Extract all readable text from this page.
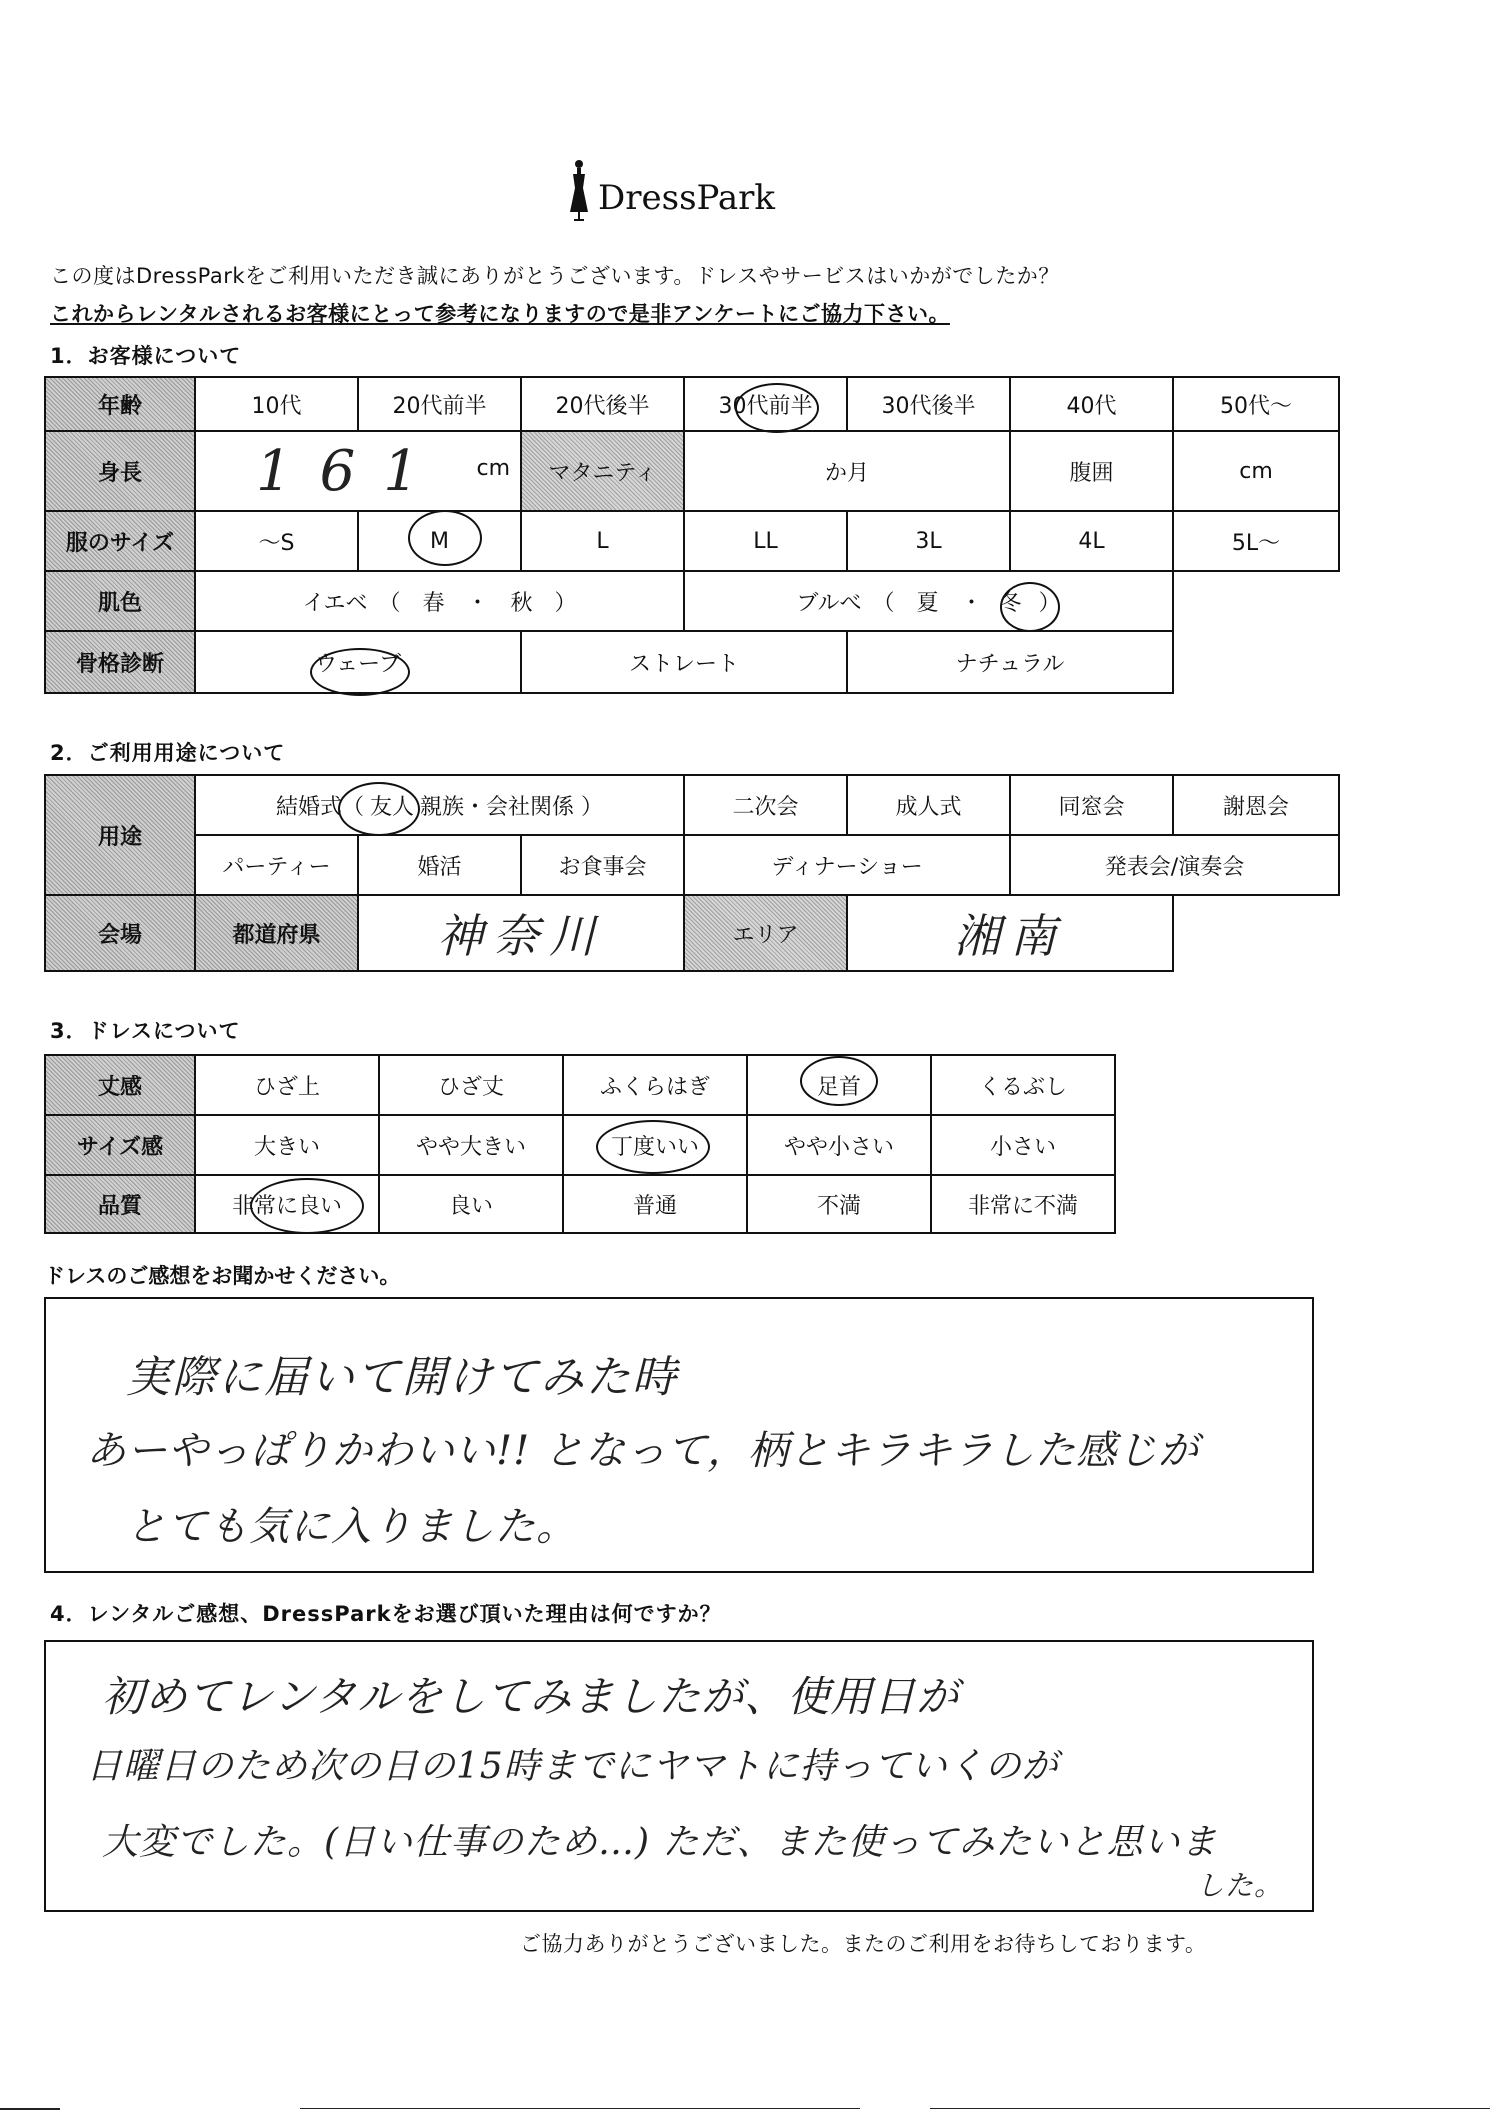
DressPark
この度はDressParkをご利用いただき誠にありがとうございます。ドレスやサービスはいかがでしたか？
これからレンタルされるお客様にとって参考になりますので是非アンケートにご協力下さい。
1．お客様について
年齢	10代	20代前半	20代後半	30代前半	30代後半	40代	50代～
身長	161 cm		マタニティ	か月		腹囲	cm
服のサイズ	～S	M	L	LL	3L	4L	5L～
肌色	イエベ　（　春　・　秋　）			ブルべ　（　夏　・ 冬 ）			
骨格診断	ウェーブ		ストレート		ナチュラル		
2．ご利用用途について
用途	結婚式（ 友人 親族・会社関係 ）			二次会	成人式	同窓会	謝恩会
	パーティー	婚活	お食事会	ディナーショー		発表会/演奏会	
会場	都道府県	神奈川		エリア	湘南		
3．ドレスについて
丈感	ひざ上	ひざ丈	ふくらはぎ	足首	くるぶし
サイズ感	大きい	やや大きい	丁度いい	やや小さい	小さい
品質	非常に良い	良い	普通	不満	非常に不満
ドレスのご感想をお聞かせください。
実際に届いて開けてみた時
あーやっぱりかわいい!! となって，柄とキラキラした感じが
とても気に入りました。
4．レンタルご感想、DressParkをお選び頂いた理由は何ですか？
初めてレンタルをしてみましたが、使用日が
日曜日のため次の日の15時までにヤマトに持っていくのが
大変でした。(日い仕事のため…) ただ、また使ってみたいと思いま
した。
ご協力ありがとうございました。またのご利用をお待ちしております。
